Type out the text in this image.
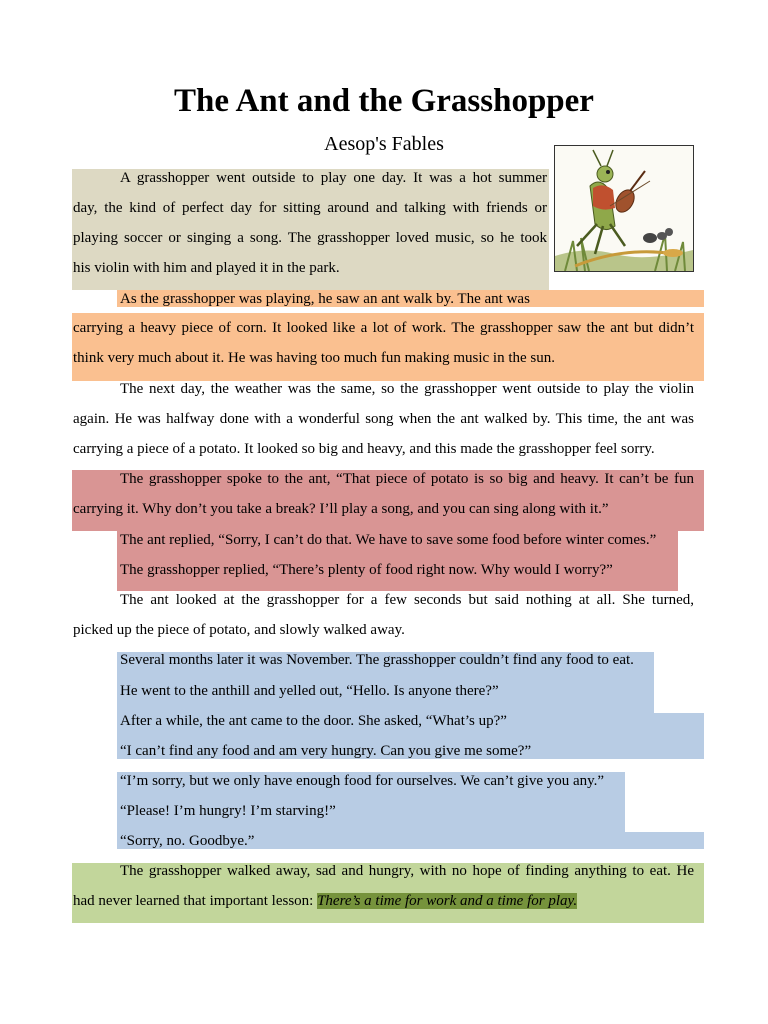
The Ant and the Grasshopper
Aesop's Fables

A grasshopper went outside to play one day. It was a hot summer

day, the kind of perfect day for sitting around and talking with friends or

playing soccer or singing a song. The grasshopper loved music, so he took

his violin with him and played it in the park.

As the grasshopper was playing, he saw an ant walk by. The ant was

carrying a heavy piece of corn. It looked like a lot of work. The grasshopper saw the ant but didn’t

think very much about it. He was having too much fun making music in the sun.

The next day, the weather was the same, so the grasshopper went outside to play the violin

again. He was halfway done with a wonderful song when the ant walked by. This time, the ant was

carrying a piece of a potato. It looked so big and heavy, and this made the grasshopper feel sorry.

The grasshopper spoke to the ant, “That piece of potato is so big and heavy. It can’t be fun

carrying it. Why don’t you take a break? I’ll play a song, and you can sing along with it.”

The ant replied, “Sorry, I can’t do that. We have to save some food before winter comes.”

The grasshopper replied, “There’s plenty of food right now. Why would I worry?”

The ant looked at the grasshopper for a few seconds but said nothing at all. She turned,

picked up the piece of potato, and slowly walked away.

Several months later it was November. The grasshopper couldn’t find any food to eat.

He went to the anthill and yelled out, “Hello. Is anyone there?”

After a while, the ant came to the door. She asked, “What’s up?”

“I can’t find any food and am very hungry. Can you give me some?”

“I’m sorry, but we only have enough food for ourselves. We can’t give you any.”

“Please! I’m hungry! I’m starving!”

“Sorry, no. Goodbye.”

The grasshopper walked away, sad and hungry, with no hope of finding anything to eat. He

had never learned that important lesson: There’s a time for work and a time for play.
